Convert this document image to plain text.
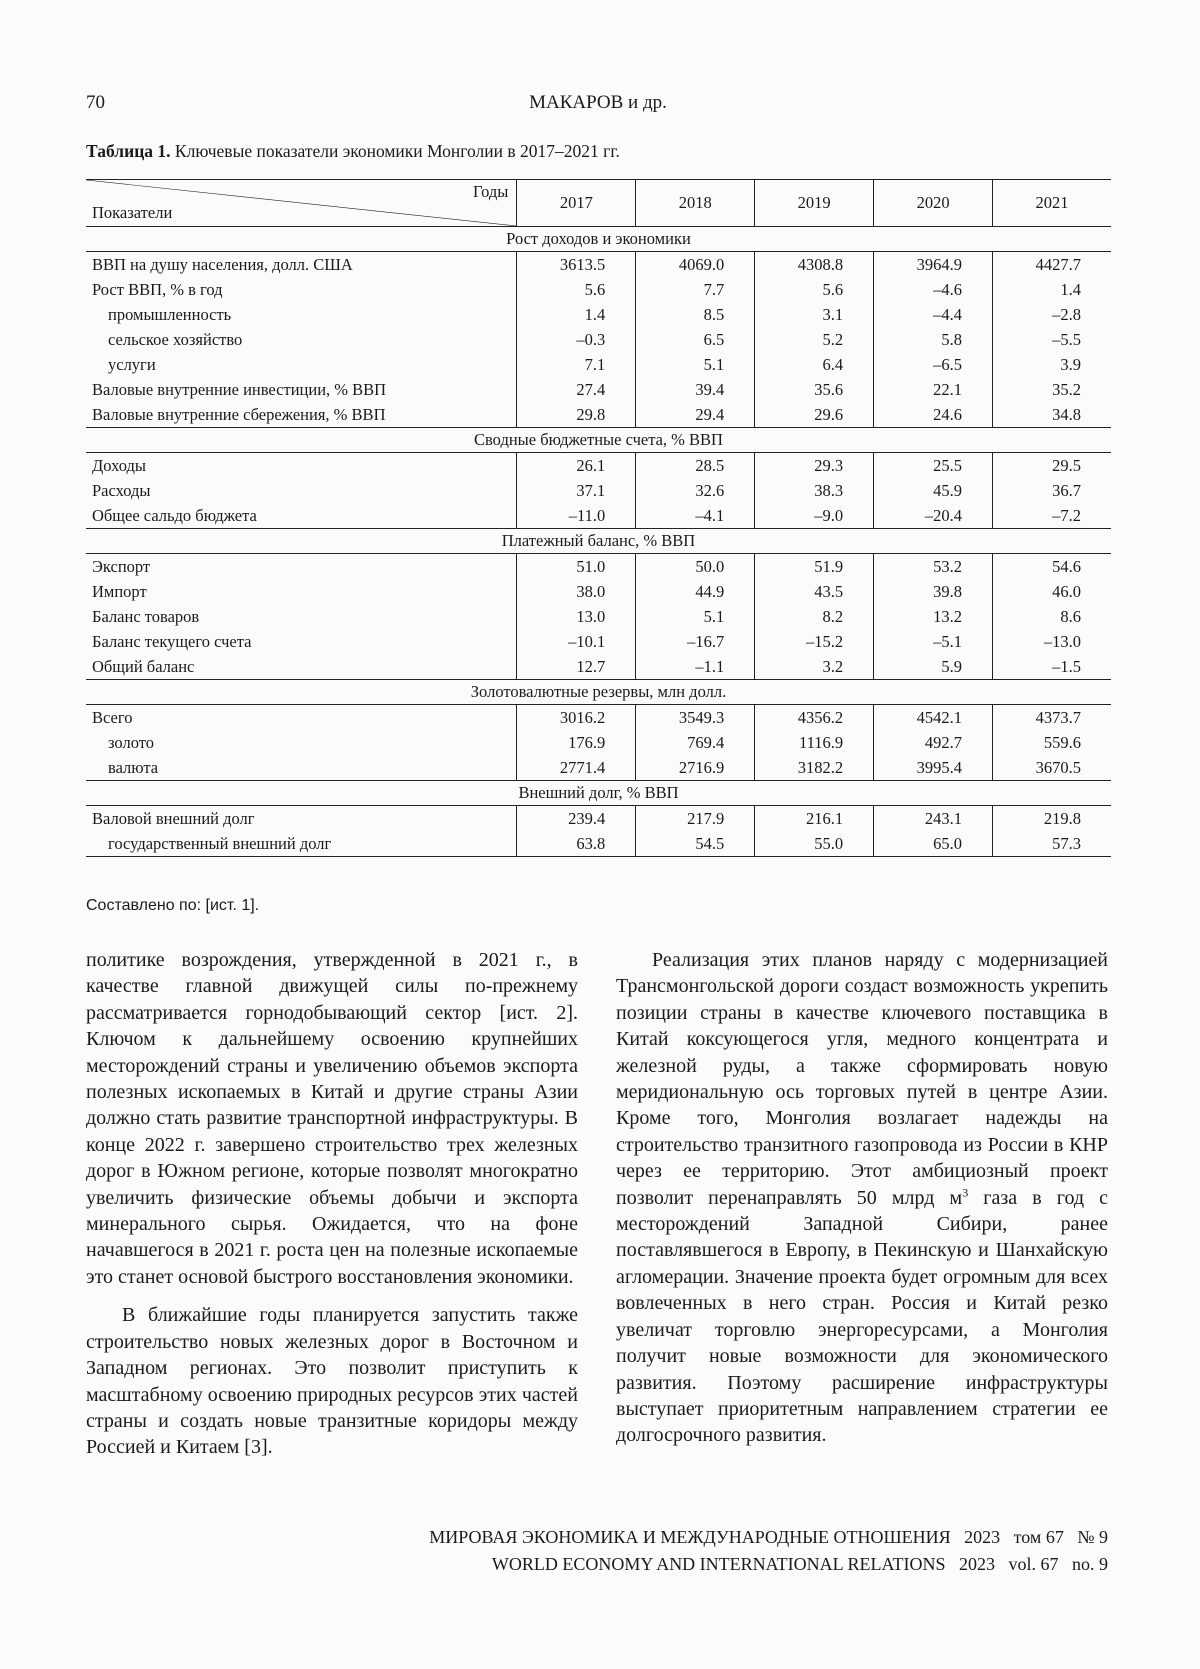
70	МАКАРОВ и др.
Таблица 1. Ключевые показатели экономики Монголии в 2017–2021 гг.
Годы
Показатели	2017	2018	2019	2020	2021
Рост доходов и экономики					
ВВП на душу населения, долл. США	3613.5	4069.0	4308.8	3964.9	4427.7
Рост ВВП, % в год	5.6	7.7	5.6	–4.6	1.4
промышленность	1.4	8.5	3.1	–4.4	–2.8
сельское хозяйство	–0.3	6.5	5.2	5.8	–5.5
услуги	7.1	5.1	6.4	–6.5	3.9
Валовые внутренние инвестиции, % ВВП	27.4	39.4	35.6	22.1	35.2
Валовые внутренние сбережения, % ВВП	29.8	29.4	29.6	24.6	34.8
Сводные бюджетные счета, % ВВП					
Доходы	26.1	28.5	29.3	25.5	29.5
Расходы	37.1	32.6	38.3	45.9	36.7
Общее сальдо бюджета	–11.0	–4.1	–9.0	–20.4	–7.2
Платежный баланс, % ВВП					
Экспорт	51.0	50.0	51.9	53.2	54.6
Импорт	38.0	44.9	43.5	39.8	46.0
Баланс товаров	13.0	5.1	8.2	13.2	8.6
Баланс текущего счета	–10.1	–16.7	–15.2	–5.1	–13.0
Общий баланс	12.7	–1.1	3.2	5.9	–1.5
Золотовалютные резервы, млн долл.					
Всего	3016.2	3549.3	4356.2	4542.1	4373.7
золото	176.9	769.4	1116.9	492.7	559.6
валюта	2771.4	2716.9	3182.2	3995.4	3670.5
Внешний долг, % ВВП					
Валовой внешний долг	239.4	217.9	216.1	243.1	219.8
государственный внешний долг	63.8	54.5	55.0	65.0	57.3
Составлено по: [ист. 1].

политике возрождения, утвержденной в 2021 г., в качестве главной движущей силы по-прежнему рассматривается горнодобывающий сектор [ист. 2]. Ключом к дальнейшему освоению крупнейших месторождений страны и увеличению объемов экспорта полезных ископаемых в Китай и другие страны Азии должно стать развитие транспортной инфраструктуры. В конце 2022 г. завершено строительство трех железных дорог в Южном регионе, которые позволят многократно увеличить физические объемы добычи и экспорта минерального сырья. Ожидается, что на фоне начавшегося в 2021 г. роста цен на полезные ископаемые это станет основой быстрого восстановления экономики.

В ближайшие годы планируется запустить также строительство новых железных дорог в Восточном и Западном регионах. Это позволит приступить к масштабному освоению природных ресурсов этих частей страны и создать новые транзитные коридоры между Россией и Китаем [3].

Реализация этих планов наряду с модернизацией Трансмонгольской дороги создаст возможность укрепить позиции страны в качестве ключевого поставщика в Китай коксующегося угля, медного концентрата и железной руды, а также сформировать новую меридиональную ось торговых путей в центре Азии. Кроме того, Монголия возлагает надежды на строительство транзитного газопровода из России в КНР через ее территорию. Этот амбициозный проект позволит перенаправлять 50 млрд $м^3$ газа в год с месторождений Западной Сибири, ранее поставлявшегося в Европу, в Пекинскую и Шанхайскую агломерации. Значение проекта будет огромным для всех вовлеченных в него стран. Россия и Китай резко увеличат торговлю энергоресурсами, а Монголия получит новые возможности для экономического развития. Поэтому расширение инфраструктуры выступает приоритетным направлением стратегии ее долгосрочного развития.

МИРОВАЯ ЭКОНОМИКА И МЕЖДУНАРОДНЫЕ ОТНОШЕНИЯ   2023   том 67   № 9
WORLD ECONOMY AND INTERNATIONAL RELATIONS   2023   vol. 67   no. 9
